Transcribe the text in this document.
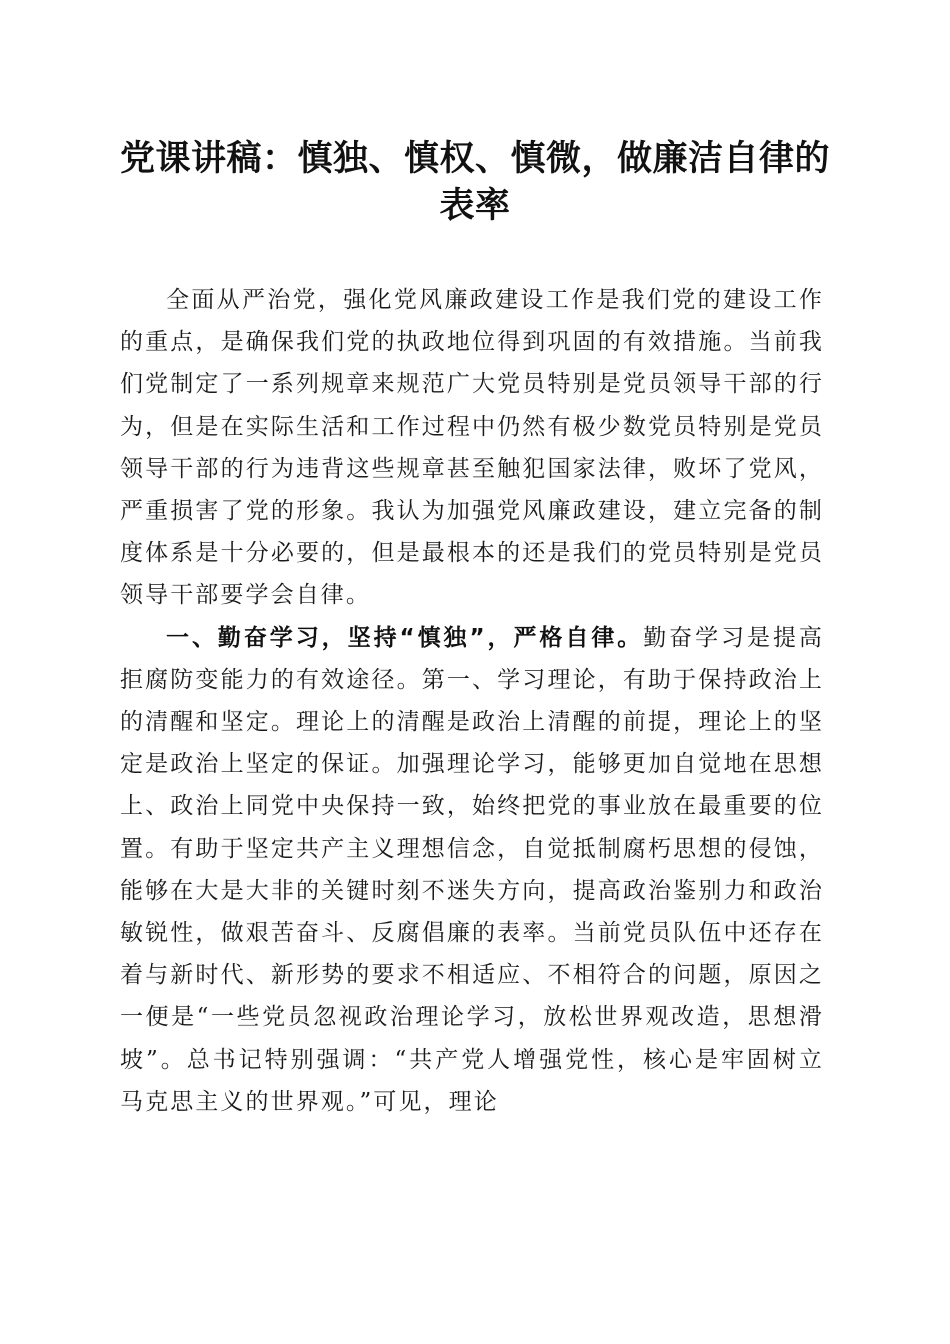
党课讲稿：慎独、慎权、慎微，做廉洁自律的
表率

全面从严治党，强化党风廉政建设工作是我们党的建设工作的重点，是确保我们党的执政地位得到巩固的有效措施。当前我们党制定了一系列规章来规范广大党员特别是党员领导干部的行为，但是在实际生活和工作过程中仍然有极少数党员特别是党员领导干部的行为违背这些规章甚至触犯国家法律，败坏了党风，严重损害了党的形象。我认为加强党风廉政建设，建立完备的制度体系是十分必要的，但是最根本的还是我们的党员特别是党员领导干部要学会自律。

一、勤奋学习，坚持“慎独”，严格自律。勤奋学习是提高拒腐防变能力的有效途径。第一、学习理论，有助于保持政治上的清醒和坚定。理论上的清醒是政治上清醒的前提，理论上的坚定是政治上坚定的保证。加强理论学习，能够更加自觉地在思想上、政治上同党中央保持一致，始终把党的事业放在最重要的位置。有助于坚定共产主义理想信念，自觉抵制腐朽思想的侵蚀，能够在大是大非的关键时刻不迷失方向，提高政治鉴别力和政治敏锐性，做艰苦奋斗、反腐倡廉的表率。当前党员队伍中还存在着与新时代、新形势的要求不相适应、不相符合的问题，原因之一便是“一些党员忽视政治理论学习，放松世界观改造，思想滑坡”。总书记特别强调：“共产党人增强党性，核心是牢固树立马克思主义的世界观。”可见，理论
